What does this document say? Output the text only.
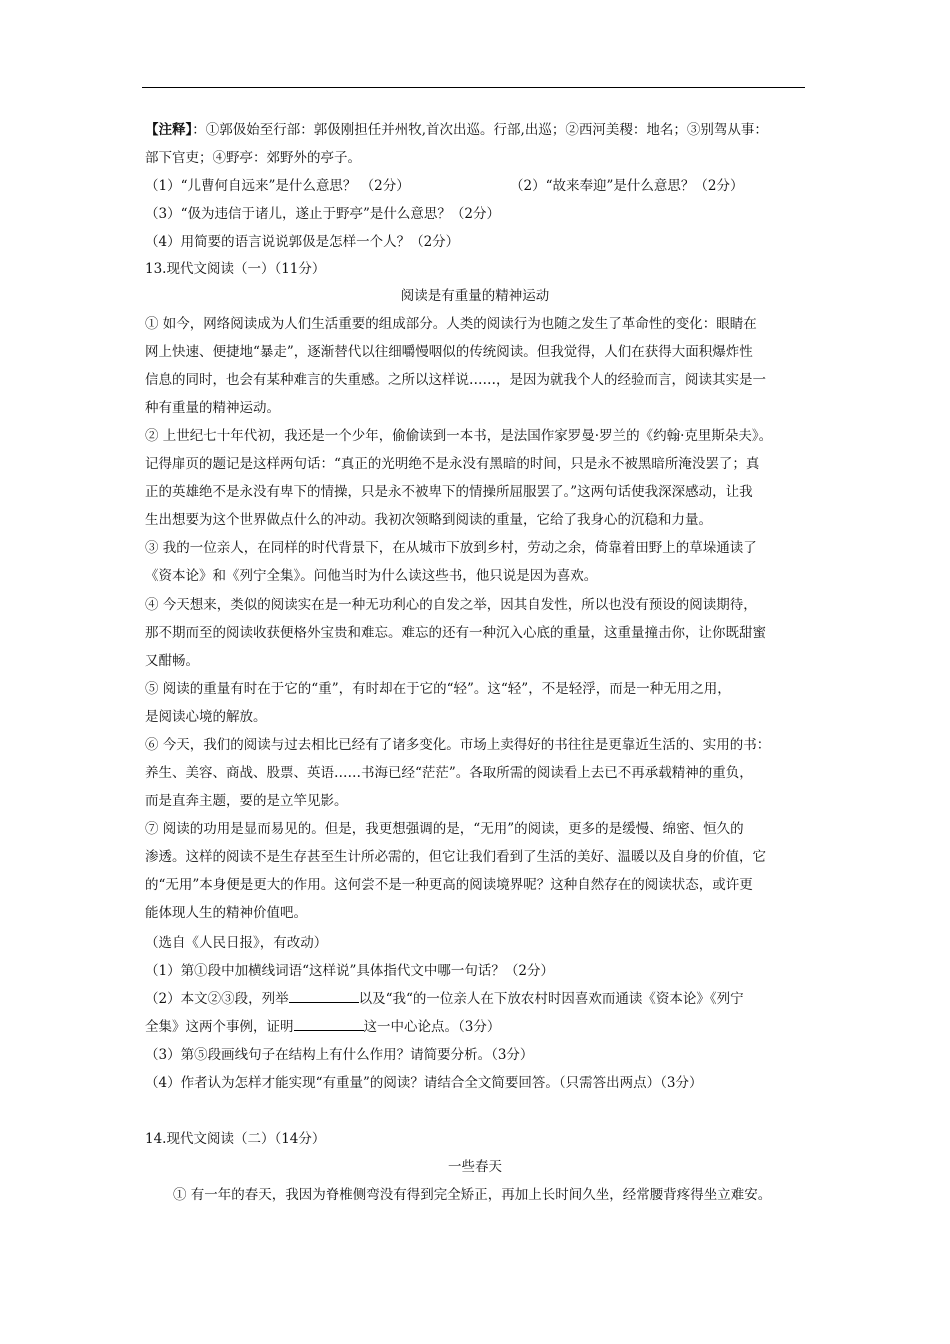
【注释】：①郭伋始至行部：郭伋刚担任并州牧,首次出巡。行部,出巡；②西河美稷：地名；③别驾从事：
部下官吏；④野亭：郊野外的亭子。
（1）“儿曹何自远来”是什么意思？ （2分）	（2）“故来奉迎”是什么意思？（2分）
（3）“伋为违信于诸儿，遂止于野亭”是什么意思？（2分）
（4）用简要的语言说说郭伋是怎样一个人？（2分）
13.现代文阅读（一）（11分）
阅读是有重量的精神运动
① 如今，网络阅读成为人们生活重要的组成部分。人类的阅读行为也随之发生了革命性的变化：眼睛在
网上快速、便捷地“暴走”，逐渐替代以往细嚼慢咽似的传统阅读。但我觉得，人们在获得大面积爆炸性
信息的同时，也会有某种难言的失重感。之所以这样说……，是因为就我个人的经验而言，阅读其实是一
种有重量的精神运动。
② 上世纪七十年代初，我还是一个少年，偷偷读到一本书，是法国作家罗曼·罗兰的《约翰·克里斯朵夫》。
记得扉页的题记是这样两句话：“真正的光明绝不是永没有黑暗的时间，只是永不被黑暗所淹没罢了；真
正的英雄绝不是永没有卑下的情操，只是永不被卑下的情操所屈服罢了。”这两句话使我深深感动，让我
生出想要为这个世界做点什么的冲动。我初次领略到阅读的重量，它给了我身心的沉稳和力量。
③ 我的一位亲人，在同样的时代背景下，在从城市下放到乡村，劳动之余，倚靠着田野上的草垛通读了
《资本论》和《列宁全集》。问他当时为什么读这些书，他只说是因为喜欢。
④ 今天想来，类似的阅读实在是一种无功利心的自发之举，因其自发性，所以也没有预设的阅读期待，
那不期而至的阅读收获便格外宝贵和难忘。难忘的还有一种沉入心底的重量，这重量撞击你，让你既甜蜜
又酣畅。
⑤ 阅读的重量有时在于它的“重”，有时却在于它的“轻”。这“轻”，不是轻浮，而是一种无用之用，
是阅读心境的解放。
⑥ 今天，我们的阅读与过去相比已经有了诸多变化。市场上卖得好的书往往是更靠近生活的、实用的书：
养生、美容、商战、股票、英语……书海已经“茫茫”。各取所需的阅读看上去已不再承载精神的重负，
而是直奔主题，要的是立竿见影。
⑦ 阅读的功用是显而易见的。但是，我更想强调的是，“无用”的阅读，更多的是缓慢、绵密、恒久的
渗透。这样的阅读不是生存甚至生计所必需的，但它让我们看到了生活的美好、温暖以及自身的价值，它
的“无用”本身便是更大的作用。这何尝不是一种更高的阅读境界呢？这种自然存在的阅读状态，或许更
能体现人生的精神价值吧。
（选自《人民日报》，有改动）
（1）第①段中加横线词语“这样说”具体指代文中哪一句话？（2分）
（2）本文②③段，列举	以及“我“的一位亲人在下放农村时因喜欢而通读《资本论》《列宁
全集》这两个事例，证明	这一中心论点。（3分）
（3）第⑤段画线句子在结构上有什么作用？请简要分析。（3分）
（4）作者认为怎样才能实现“有重量”的阅读？请结合全文简要回答。（只需答出两点）（3分）
14.现代文阅读（二）（14分）
一些春天
① 有一年的春天，我因为脊椎侧弯没有得到完全矫正，再加上长时间久坐，经常腰背疼得坐立难安。
